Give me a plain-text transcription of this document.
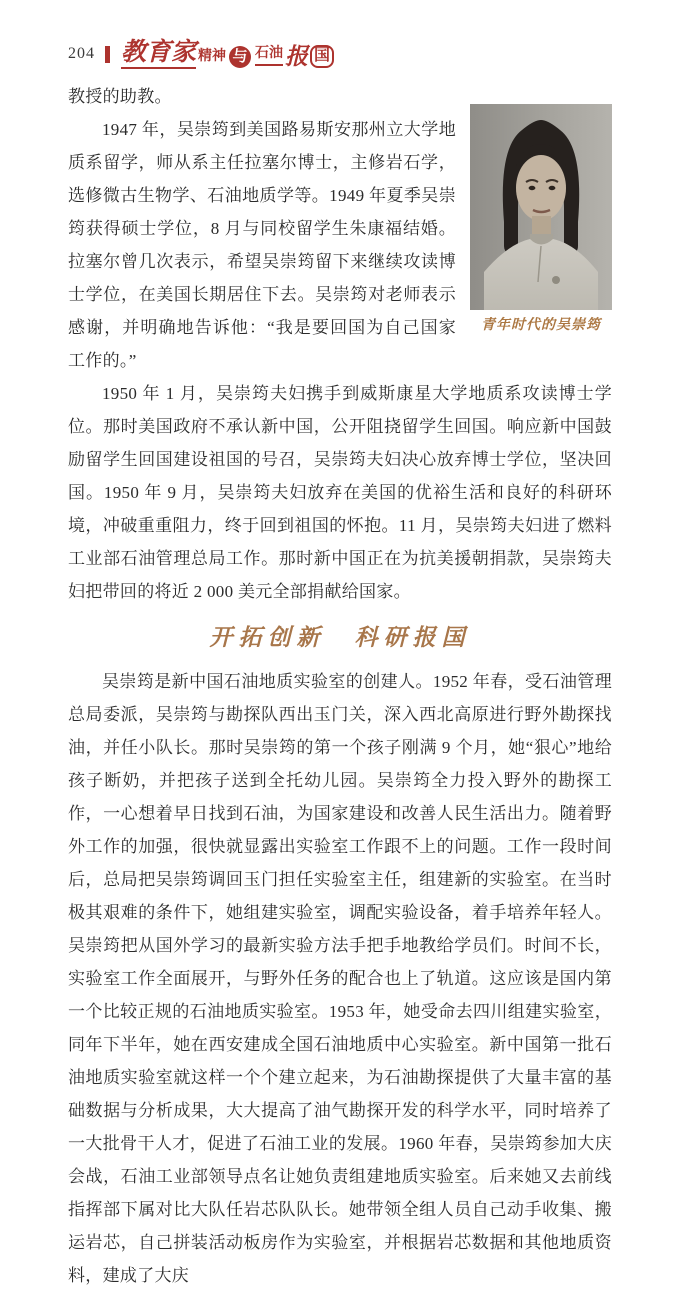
204 教育家 精神 与 石油 报 国
青年时代的吴崇筠

教授的助教。

1947 年，吴崇筠到美国路易斯安那州立大学地质系留学，师从系主任拉塞尔博士，主修岩石学，选修微古生物学、石油地质学等。1949 年夏季吴崇筠获得硕士学位，8 月与同校留学生朱康福结婚。拉塞尔曾几次表示，希望吴崇筠留下来继续攻读博士学位，在美国长期居住下去。吴崇筠对老师表示感谢，并明确地告诉他：“我是要回国为自己国家工作的。”

1950 年 1 月，吴崇筠夫妇携手到威斯康星大学地质系攻读博士学位。那时美国政府不承认新中国，公开阻挠留学生回国。响应新中国鼓励留学生回国建设祖国的号召，吴崇筠夫妇决心放弃博士学位，坚决回国。1950 年 9 月，吴崇筠夫妇放弃在美国的优裕生活和良好的科研环境，冲破重重阻力，终于回到祖国的怀抱。11 月，吴崇筠夫妇进了燃料工业部石油管理总局工作。那时新中国正在为抗美援朝捐款，吴崇筠夫妇把带回的将近 2 000 美元全部捐献给国家。

开拓创新　科研报国

吴崇筠是新中国石油地质实验室的创建人。1952 年春，受石油管理总局委派，吴崇筠与勘探队西出玉门关，深入西北高原进行野外勘探找油，并任小队长。那时吴崇筠的第一个孩子刚满 9 个月，她“狠心”地给孩子断奶，并把孩子送到全托幼儿园。吴崇筠全力投入野外的勘探工作，一心想着早日找到石油，为国家建设和改善人民生活出力。随着野外工作的加强，很快就显露出实验室工作跟不上的问题。工作一段时间后，总局把吴崇筠调回玉门担任实验室主任，组建新的实验室。在当时极其艰难的条件下，她组建实验室，调配实验设备，着手培养年轻人。吴崇筠把从国外学习的最新实验方法手把手地教给学员们。时间不长，实验室工作全面展开，与野外任务的配合也上了轨道。这应该是国内第一个比较正规的石油地质实验室。1953 年，她受命去四川组建实验室，同年下半年，她在西安建成全国石油地质中心实验室。新中国第一批石油地质实验室就这样一个个建立起来，为石油勘探提供了大量丰富的基础数据与分析成果，大大提高了油气勘探开发的科学水平，同时培养了一大批骨干人才，促进了石油工业的发展。1960 年春，吴崇筠参加大庆会战，石油工业部领导点名让她负责组建地质实验室。后来她又去前线指挥部下属对比大队任岩芯队队长。她带领全组人员自己动手收集、搬运岩芯，自己拼装活动板房作为实验室，并根据岩芯数据和其他地质资料，建成了大庆
